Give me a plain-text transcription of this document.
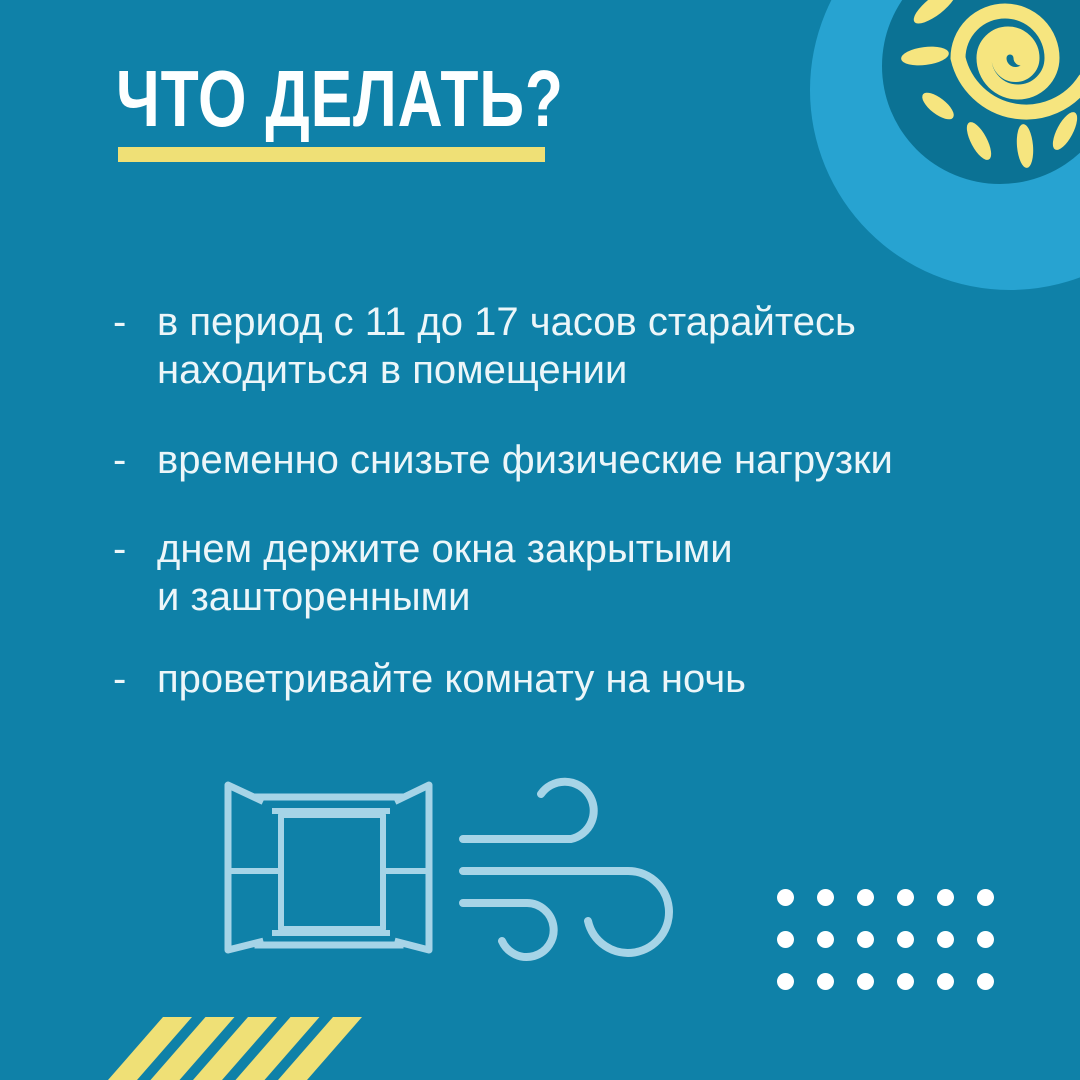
ЧТО ДЕЛАТЬ?
- в период с 11 до 17 часов старайтесь
находиться в помещении
- временно снизьте физические нагрузки
- днем держите окна закрытыми
и зашторенными
- проветривайте комнату на ночь
